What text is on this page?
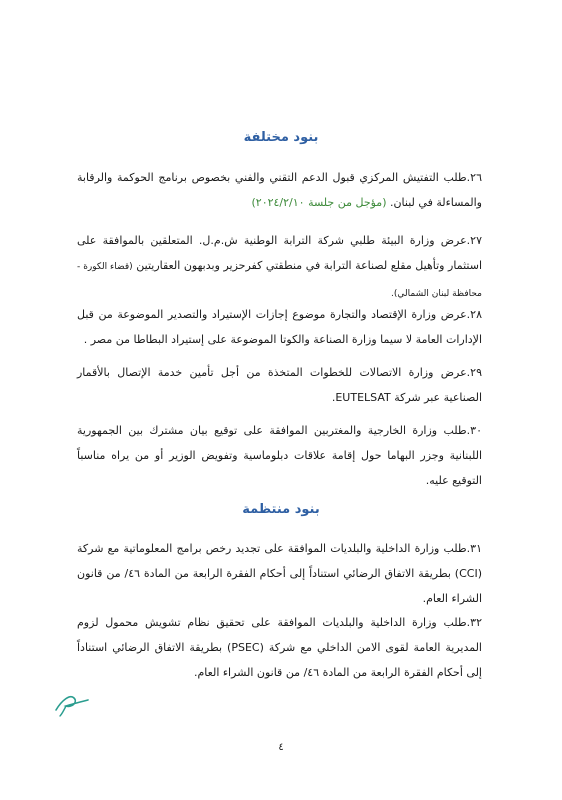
بنود مختلفة
٢٦.طلب التفتيش المركزي قبول الدعم التقني والفني بخصوص برنامج الحوكمة والرقابة والمساءلة في لبنان. (مؤجل من جلسة ٢٠٢٤/٢/١٠)
٢٧.عرض وزارة البيئة طلبي شركة الترابة الوطنية ش.م.ل. المتعلقين بالموافقة على استثمار وتأهيل مقلع لصناعة الترابة في منطقتي كفرحزير وبدبهون العقاريتين (قضاء الكورة - محافظة لبنان الشمالي).
٢٨.عرض وزارة الإقتصاد والتجارة موضوع إجازات الإستيراد والتصدير الموضوعة من قبل الإدارات العامة لا سيما وزارة الصناعة والكوتا الموضوعة على إستيراد البطاطا من مصر .
٢٩.عرض وزارة الاتصالات للخطوات المتخذة من أجل تأمين خدمة الإتصال بالأقمار الصناعية عبر شركة EUTELSAT.
٣٠.طلب وزارة الخارجية والمغتربين الموافقة على توقيع بيان مشترك بين الجمهورية اللبنانية وجزر البهاما حول إقامة علاقات دبلوماسية وتفويض الوزير أو من يراه مناسباً التوقيع عليه.
بنود منتظمة
٣١.طلب وزارة الداخلية والبلديات الموافقة على تجديد رخص برامج المعلوماتية مع شركة (CCI) بطريقة الاتفاق الرضائي استناداً إلى أحكام الفقرة الرابعة من المادة ٤٦/ من قانون الشراء العام.
٣٢.طلب وزارة الداخلية والبلديات الموافقة على تحقيق نظام تشويش محمول لزوم المديرية العامة لقوى الامن الداخلي مع شركة (PSEC) بطريقة الاتفاق الرضائي استناداً إلى أحكام الفقرة الرابعة من المادة ٤٦/ من قانون الشراء العام.
٤
